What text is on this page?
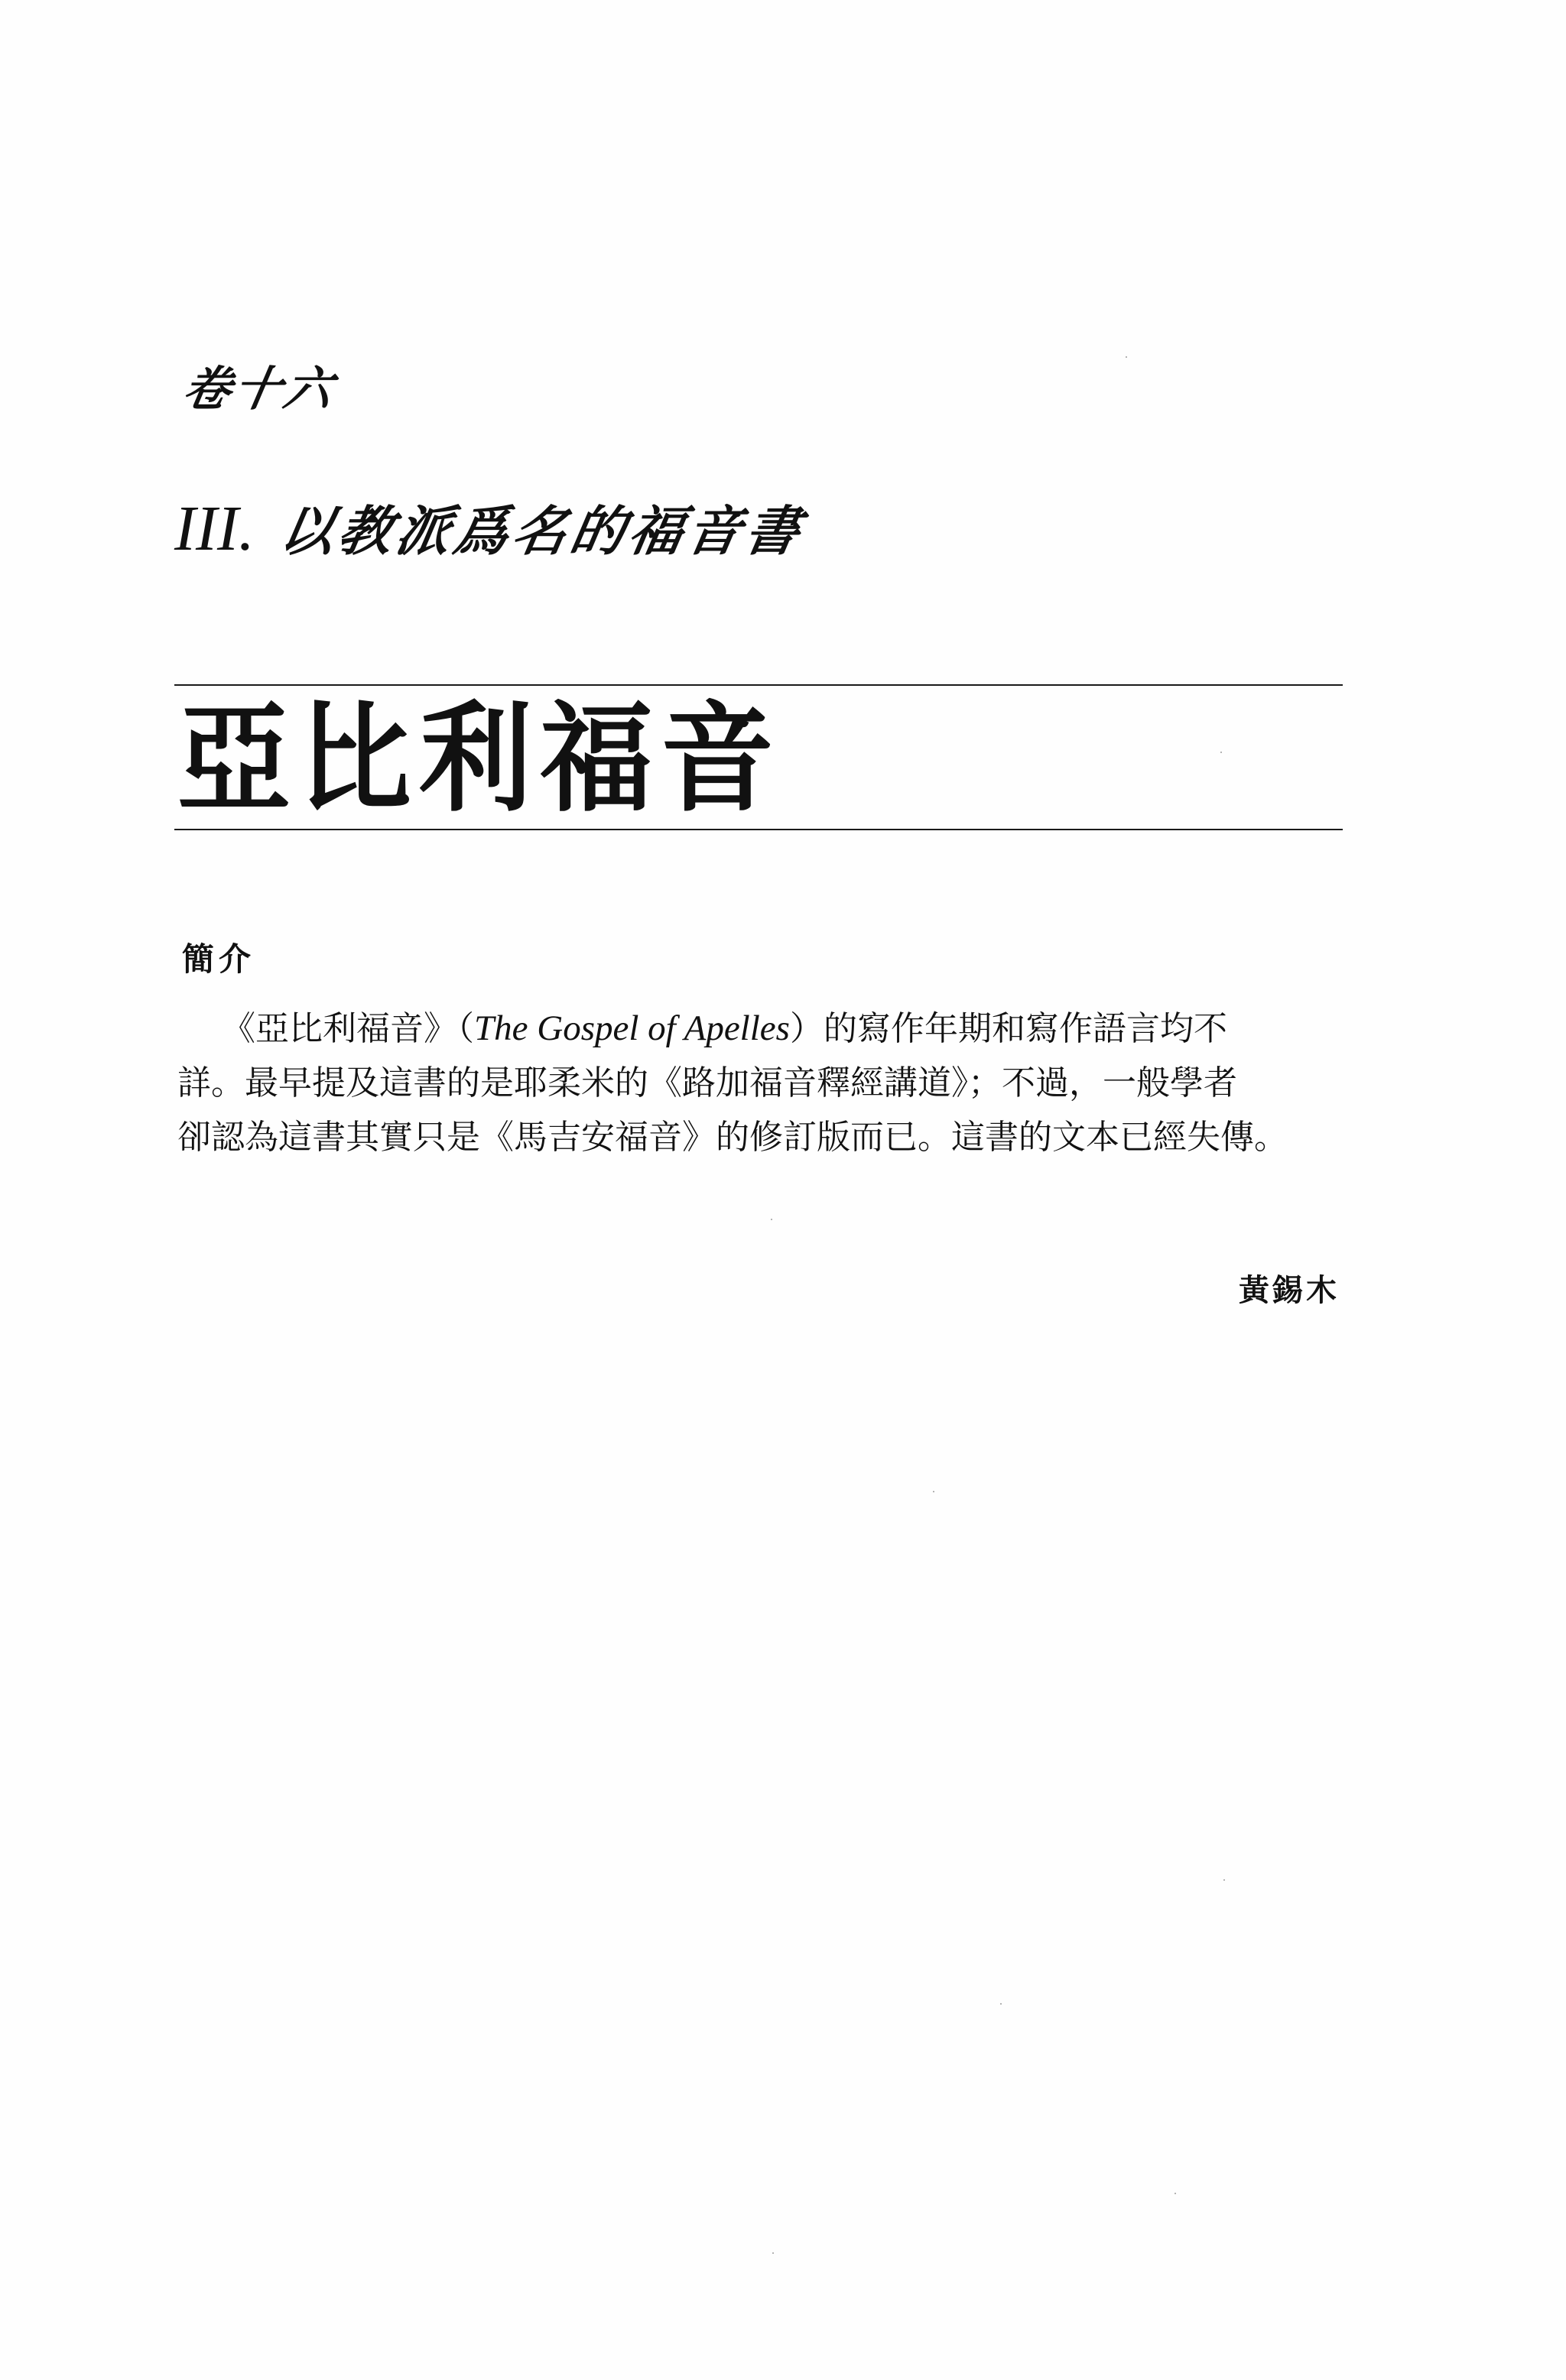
卷十六
III. 以教派爲名的福音書
亞比利福音
簡介
《亞比利福音》（The Gospel of Apelles）的寫作年期和寫作語言均不
詳。最早提及這書的是耶柔米的《路加福音釋經講道》；不過，一般學者
卻認為這書其實只是《馬吉安福音》的修訂版而已。這書的文本已經失傳。
黃錫木
